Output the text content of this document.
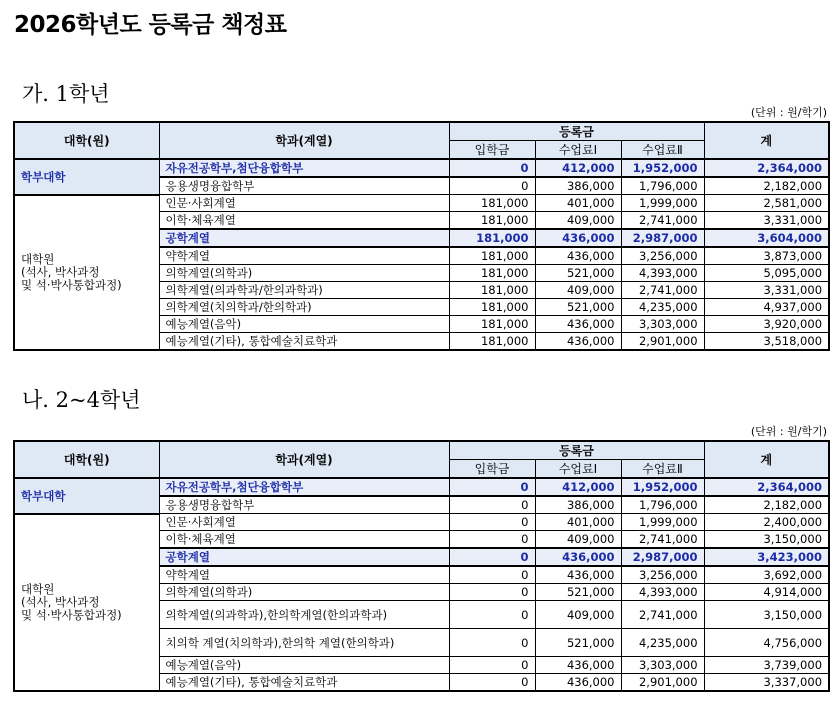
2026학년도 등록금 책정표
가. 1학년
(단위 : 원/학기)
대학(원)	학과(계열)	등록금			계
		입학금	수업료Ⅰ	수업료Ⅱ	
학부대학	자유전공학부,첨단융합학부	0	412,000	1,952,000	2,364,000
	응용생명융합학부	0	386,000	1,796,000	2,182,000

대학원
(석사, 박사과정
및 석·박사통합과정)	인문·사회계열	181,000	401,000	1,999,000	2,581,000
	이학·체육계열	181,000	409,000	2,741,000	3,331,000
	공학계열	181,000	436,000	2,987,000	3,604,000
	약학계열	181,000	436,000	3,256,000	3,873,000
	의학계열(의학과)	181,000	521,000	4,393,000	5,095,000
	의학계열(의과학과/한의과학과)	181,000	409,000	2,741,000	3,331,000
	의학계열(치의학과/한의학과)	181,000	521,000	4,235,000	4,937,000
	예능계열(음악)	181,000	436,000	3,303,000	3,920,000
	예능계열(기타), 통합예술치료학과	181,000	436,000	2,901,000	3,518,000
나. 2~4학년
(단위 : 원/학기)
대학(원)	학과(계열)	등록금			계
		입학금	수업료Ⅰ	수업료Ⅱ	
학부대학	자유전공학부,첨단융합학부	0	412,000	1,952,000	2,364,000
	응용생명융합학부	0	386,000	1,796,000	2,182,000

대학원
(석사, 박사과정
및 석·박사통합과정)	인문·사회계열	0	401,000	1,999,000	2,400,000
	이학·체육계열	0	409,000	2,741,000	3,150,000
	공학계열	0	436,000	2,987,000	3,423,000
	약학계열	0	436,000	3,256,000	3,692,000
	의학계열(의학과)	0	521,000	4,393,000	4,914,000
	의학계열(의과학과),한의학계열(한의과학과)	0	409,000	2,741,000	3,150,000
	치의학 계열(치의학과),한의학 계열(한의학과)	0	521,000	4,235,000	4,756,000
	예능계열(음악)	0	436,000	3,303,000	3,739,000
	예능계열(기타), 통합예술치료학과	0	436,000	2,901,000	3,337,000
